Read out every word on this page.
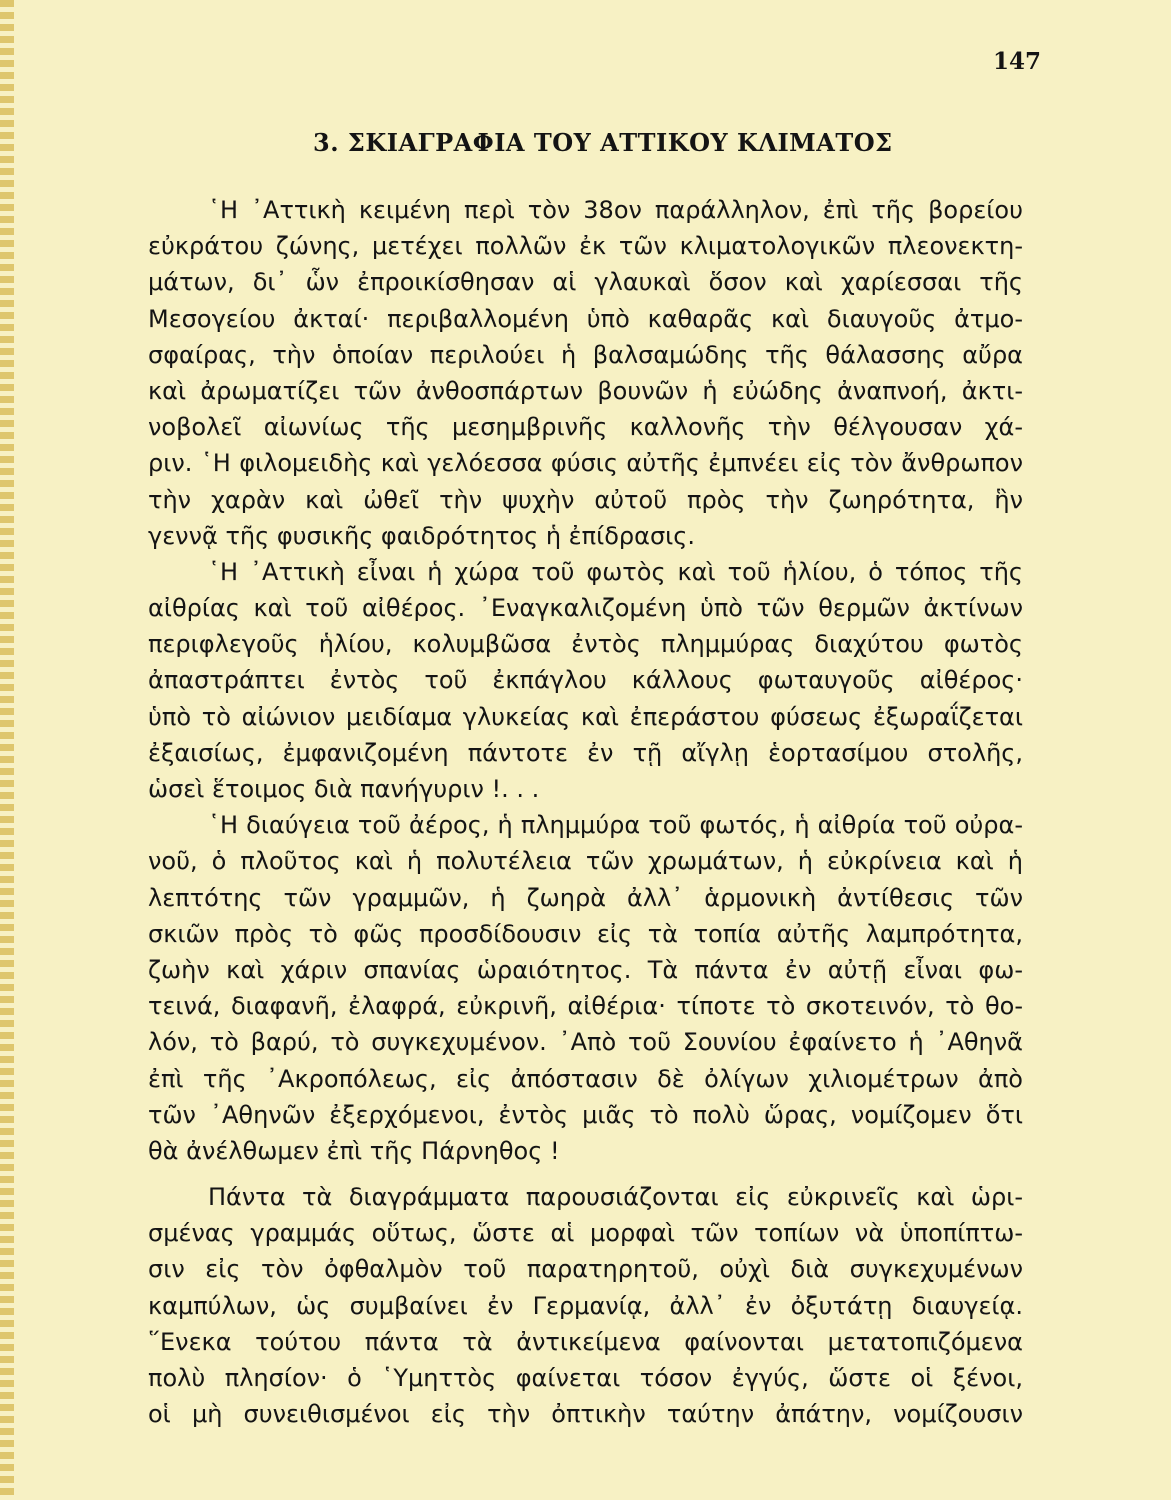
147
3. ΣΚΙΑΓΡΑΦΙΑ ΤΟΥ ΑΤΤΙΚΟΥ ΚΛΙΜΑΤΟΣ
῾Η ᾽Αττικὴ κειμένη περὶ τὸν 38ον παράλληλον, ἐπὶ τῆς βορείου
εὐκράτου ζώνης, μετέχει πολλῶν ἐκ τῶν κλιματολογικῶν πλεονεκτη-
μάτων, δι᾽ ὧν ἐπροικίσθησαν αἱ γλαυκαὶ ὅσον καὶ χαρίεσσαι τῆς
Μεσογείου ἀκταί· περιβαλλομένη ὑπὸ καθαρᾶς καὶ διαυγοῦς ἀτμο-
σφαίρας, τὴν ὁποίαν περιλούει ἡ βαλσαμώδης τῆς θάλασσης αὔρα
καὶ ἀρωματίζει τῶν ἀνθοσπάρτων βουνῶν ἡ εὐώδης ἀναπνοή, ἀκτι-
νοβολεῖ αἰωνίως τῆς μεσημβρινῆς καλλονῆς τὴν θέλγουσαν χά-
ριν. ῾Η φιλομειδὴς καὶ γελόεσσα φύσις αὐτῆς ἐμπνέει εἰς τὸν ἄνθρωπον
τὴν χαρὰν καὶ ὠθεῖ τὴν ψυχὴν αὐτοῦ πρὸς τὴν ζωηρότητα, ἣν
γεννᾷ τῆς φυσικῆς φαιδρότητος ἡ ἐπίδρασις.
῾Η ᾽Αττικὴ εἶναι ἡ χώρα τοῦ φωτὸς καὶ τοῦ ἡλίου, ὁ τόπος τῆς
αἰθρίας καὶ τοῦ αἰθέρος. ᾽Εναγκαλιζομένη ὑπὸ τῶν θερμῶν ἀκτίνων
περιφλεγοῦς ἡλίου, κολυμβῶσα ἐντὸς πλημμύρας διαχύτου φωτὸς
ἀπαστράπτει ἐντὸς τοῦ ἐκπάγλου κάλλους φωταυγοῦς αἰθέρος·
ὑπὸ τὸ αἰώνιον μειδίαμα γλυκείας καὶ ἐπεράστου φύσεως ἐξωραΐζεται
ἐξαισίως, ἐμφανιζομένη πάντοτε ἐν τῇ αἴγλῃ ἑορτασίμου στολῆς,
ὡσεὶ ἕτοιμος διὰ πανήγυριν !. . .
῾Η διαύγεια τοῦ ἀέρος, ἡ πλημμύρα τοῦ φωτός, ἡ αἰθρία τοῦ οὐρα-
νοῦ, ὁ πλοῦτος καὶ ἡ πολυτέλεια τῶν χρωμάτων, ἡ εὐκρίνεια καὶ ἡ
λεπτότης τῶν γραμμῶν, ἡ ζωηρὰ ἀλλ᾽ ἁρμονικὴ ἀντίθεσις τῶν
σκιῶν πρὸς τὸ φῶς προσδίδουσιν εἰς τὰ τοπία αὐτῆς λαμπρότητα,
ζωὴν καὶ χάριν σπανίας ὡραιότητος. Τὰ πάντα ἐν αὐτῇ εἶναι φω-
τεινά, διαφανῆ, ἐλαφρά, εὐκρινῆ, αἰθέρια· τίποτε τὸ σκοτεινόν, τὸ θο-
λόν, τὸ βαρύ, τὸ συγκεχυμένον. ᾽Απὸ τοῦ Σουνίου ἐφαίνετο ἡ ᾽Αθηνᾶ
ἐπὶ τῆς ᾽Ακροπόλεως, εἰς ἀπόστασιν δὲ ὀλίγων χιλιομέτρων ἀπὸ
τῶν ᾽Αθηνῶν ἐξερχόμενοι, ἐντὸς μιᾶς τὸ πολὺ ὥρας, νομίζομεν ὅτι
θὰ ἀνέλθωμεν ἐπὶ τῆς Πάρνηθος !
Πάντα τὰ διαγράμματα παρουσιάζονται εἰς εὐκρινεῖς καὶ ὡρι-
σμένας γραμμάς οὕτως, ὥστε αἱ μορφαὶ τῶν τοπίων νὰ ὑποπίπτω-
σιν εἰς τὸν ὀφθαλμὸν τοῦ παρατηρητοῦ, οὐχὶ διὰ συγκεχυμένων
καμπύλων, ὡς συμβαίνει ἐν Γερμανίᾳ, ἀλλ᾽ ἐν ὀξυτάτῃ διαυγείᾳ.
῞Ενεκα τούτου πάντα τὰ ἀντικείμενα φαίνονται μετατοπιζόμενα
πολὺ πλησίον· ὁ ῾Υμηττὸς φαίνεται τόσον ἐγγύς, ὥστε οἱ ξένοι,
οἱ μὴ συνειθισμένοι εἰς τὴν ὀπτικὴν ταύτην ἀπάτην, νομίζουσιν
